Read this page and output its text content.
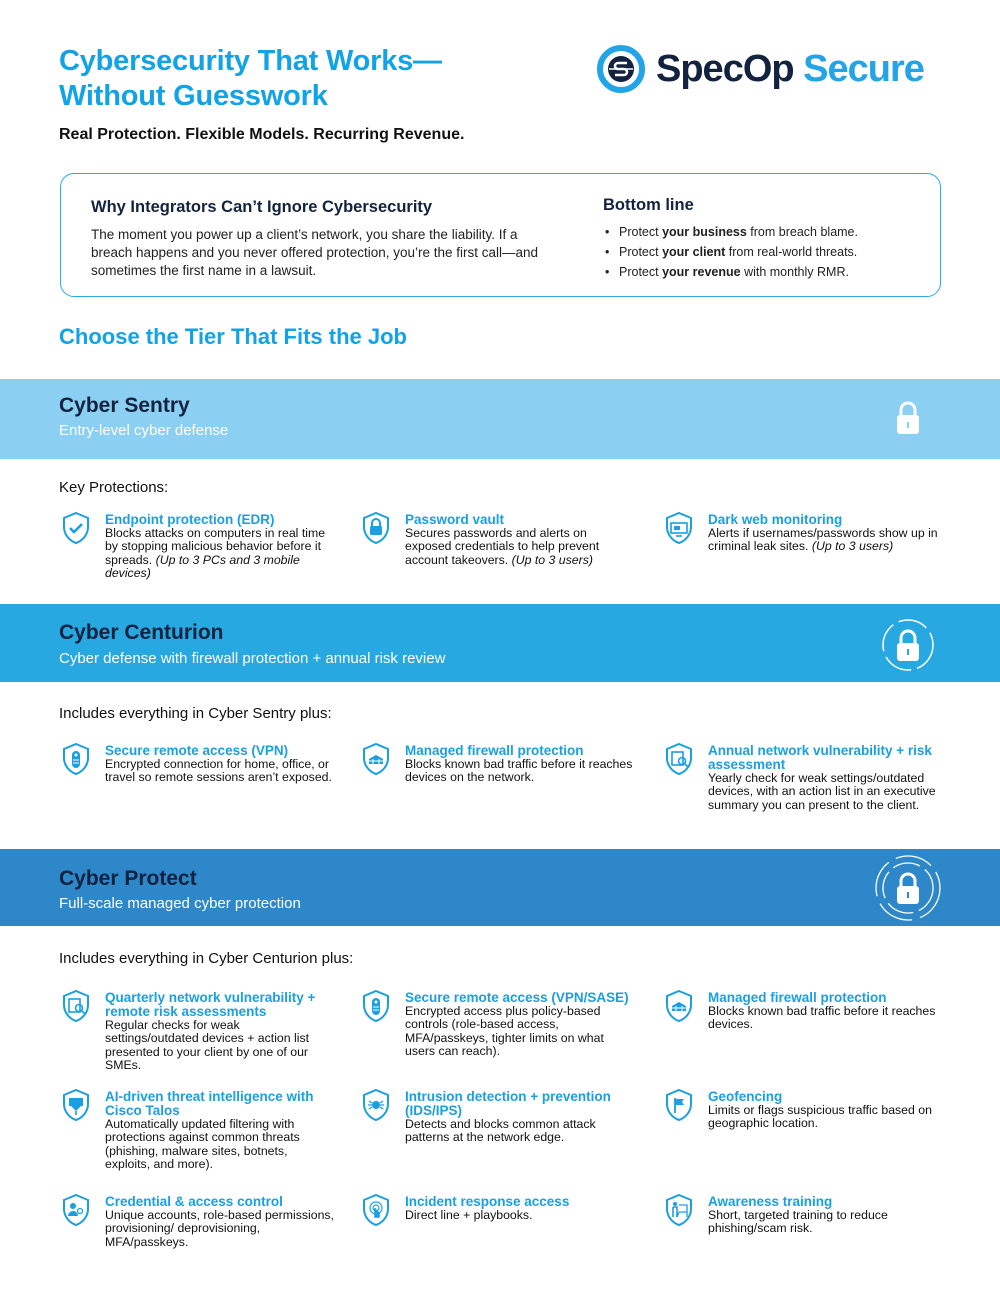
Cybersecurity That Works—
Without Guesswork
Real Protection. Flexible Models. Recurring Revenue.
SpecOp Secure
Why Integrators Can’t Ignore Cybersecurity
The moment you power up a client’s network, you share the liability. If a breach happens and you never offered protection, you’re the first call—and sometimes the first name in a lawsuit.
Bottom line
• Protect your business from breach blame.
• Protect your client from real-world threats.
• Protect your revenue with monthly RMR.
Choose the Tier That Fits the Job
Cyber Sentry
Entry-level cyber defense
Key Protections:
Cyber Centurion
Cyber defense with firewall protection + annual risk review
Includes everything in Cyber Sentry plus:
Cyber Protect
Full-scale managed cyber protection
Includes everything in Cyber Centurion plus:
Endpoint protection (EDR)
Blocks attacks on computers in real time by stopping malicious behavior before it spreads. (Up to 3 PCs and 3 mobile devices)
Password vault
Secures passwords and alerts on exposed credentials to help prevent account takeovers. (Up to 3 users)
Dark web monitoring
Alerts if usernames/passwords show up in criminal leak sites. (Up to 3 users)
Secure remote access (VPN)
Encrypted connection for home, office, or travel so remote sessions aren’t exposed.
Managed firewall protection
Blocks known bad traffic before it reaches devices on the network.
Annual network vulnerability + risk assessment
Yearly check for weak settings/outdated devices, with an action list in an executive summary you can present to the client.
Quarterly network vulnerability + remote risk assessments
Regular checks for weak settings/outdated devices + action list presented to your client by one of our SMEs.
Secure remote access (VPN/SASE)
Encrypted access plus policy-based controls (role-based access, MFA/passkeys, tighter limits on what users can reach).
Managed firewall protection
Blocks known bad traffic before it reaches devices.
AI-driven threat intelligence with Cisco Talos
Automatically updated filtering with protections against common threats (phishing, malware sites, botnets, exploits, and more).
Intrusion detection + prevention (IDS/IPS)
Detects and blocks common attack patterns at the network edge.
Geofencing
Limits or flags suspicious traffic based on geographic location.
Credential & access control
Unique accounts, role-based permissions, provisioning/ deprovisioning, MFA/passkeys.
Incident response access
Direct line + playbooks.
Awareness training
Short, targeted training to reduce phishing/scam risk.
